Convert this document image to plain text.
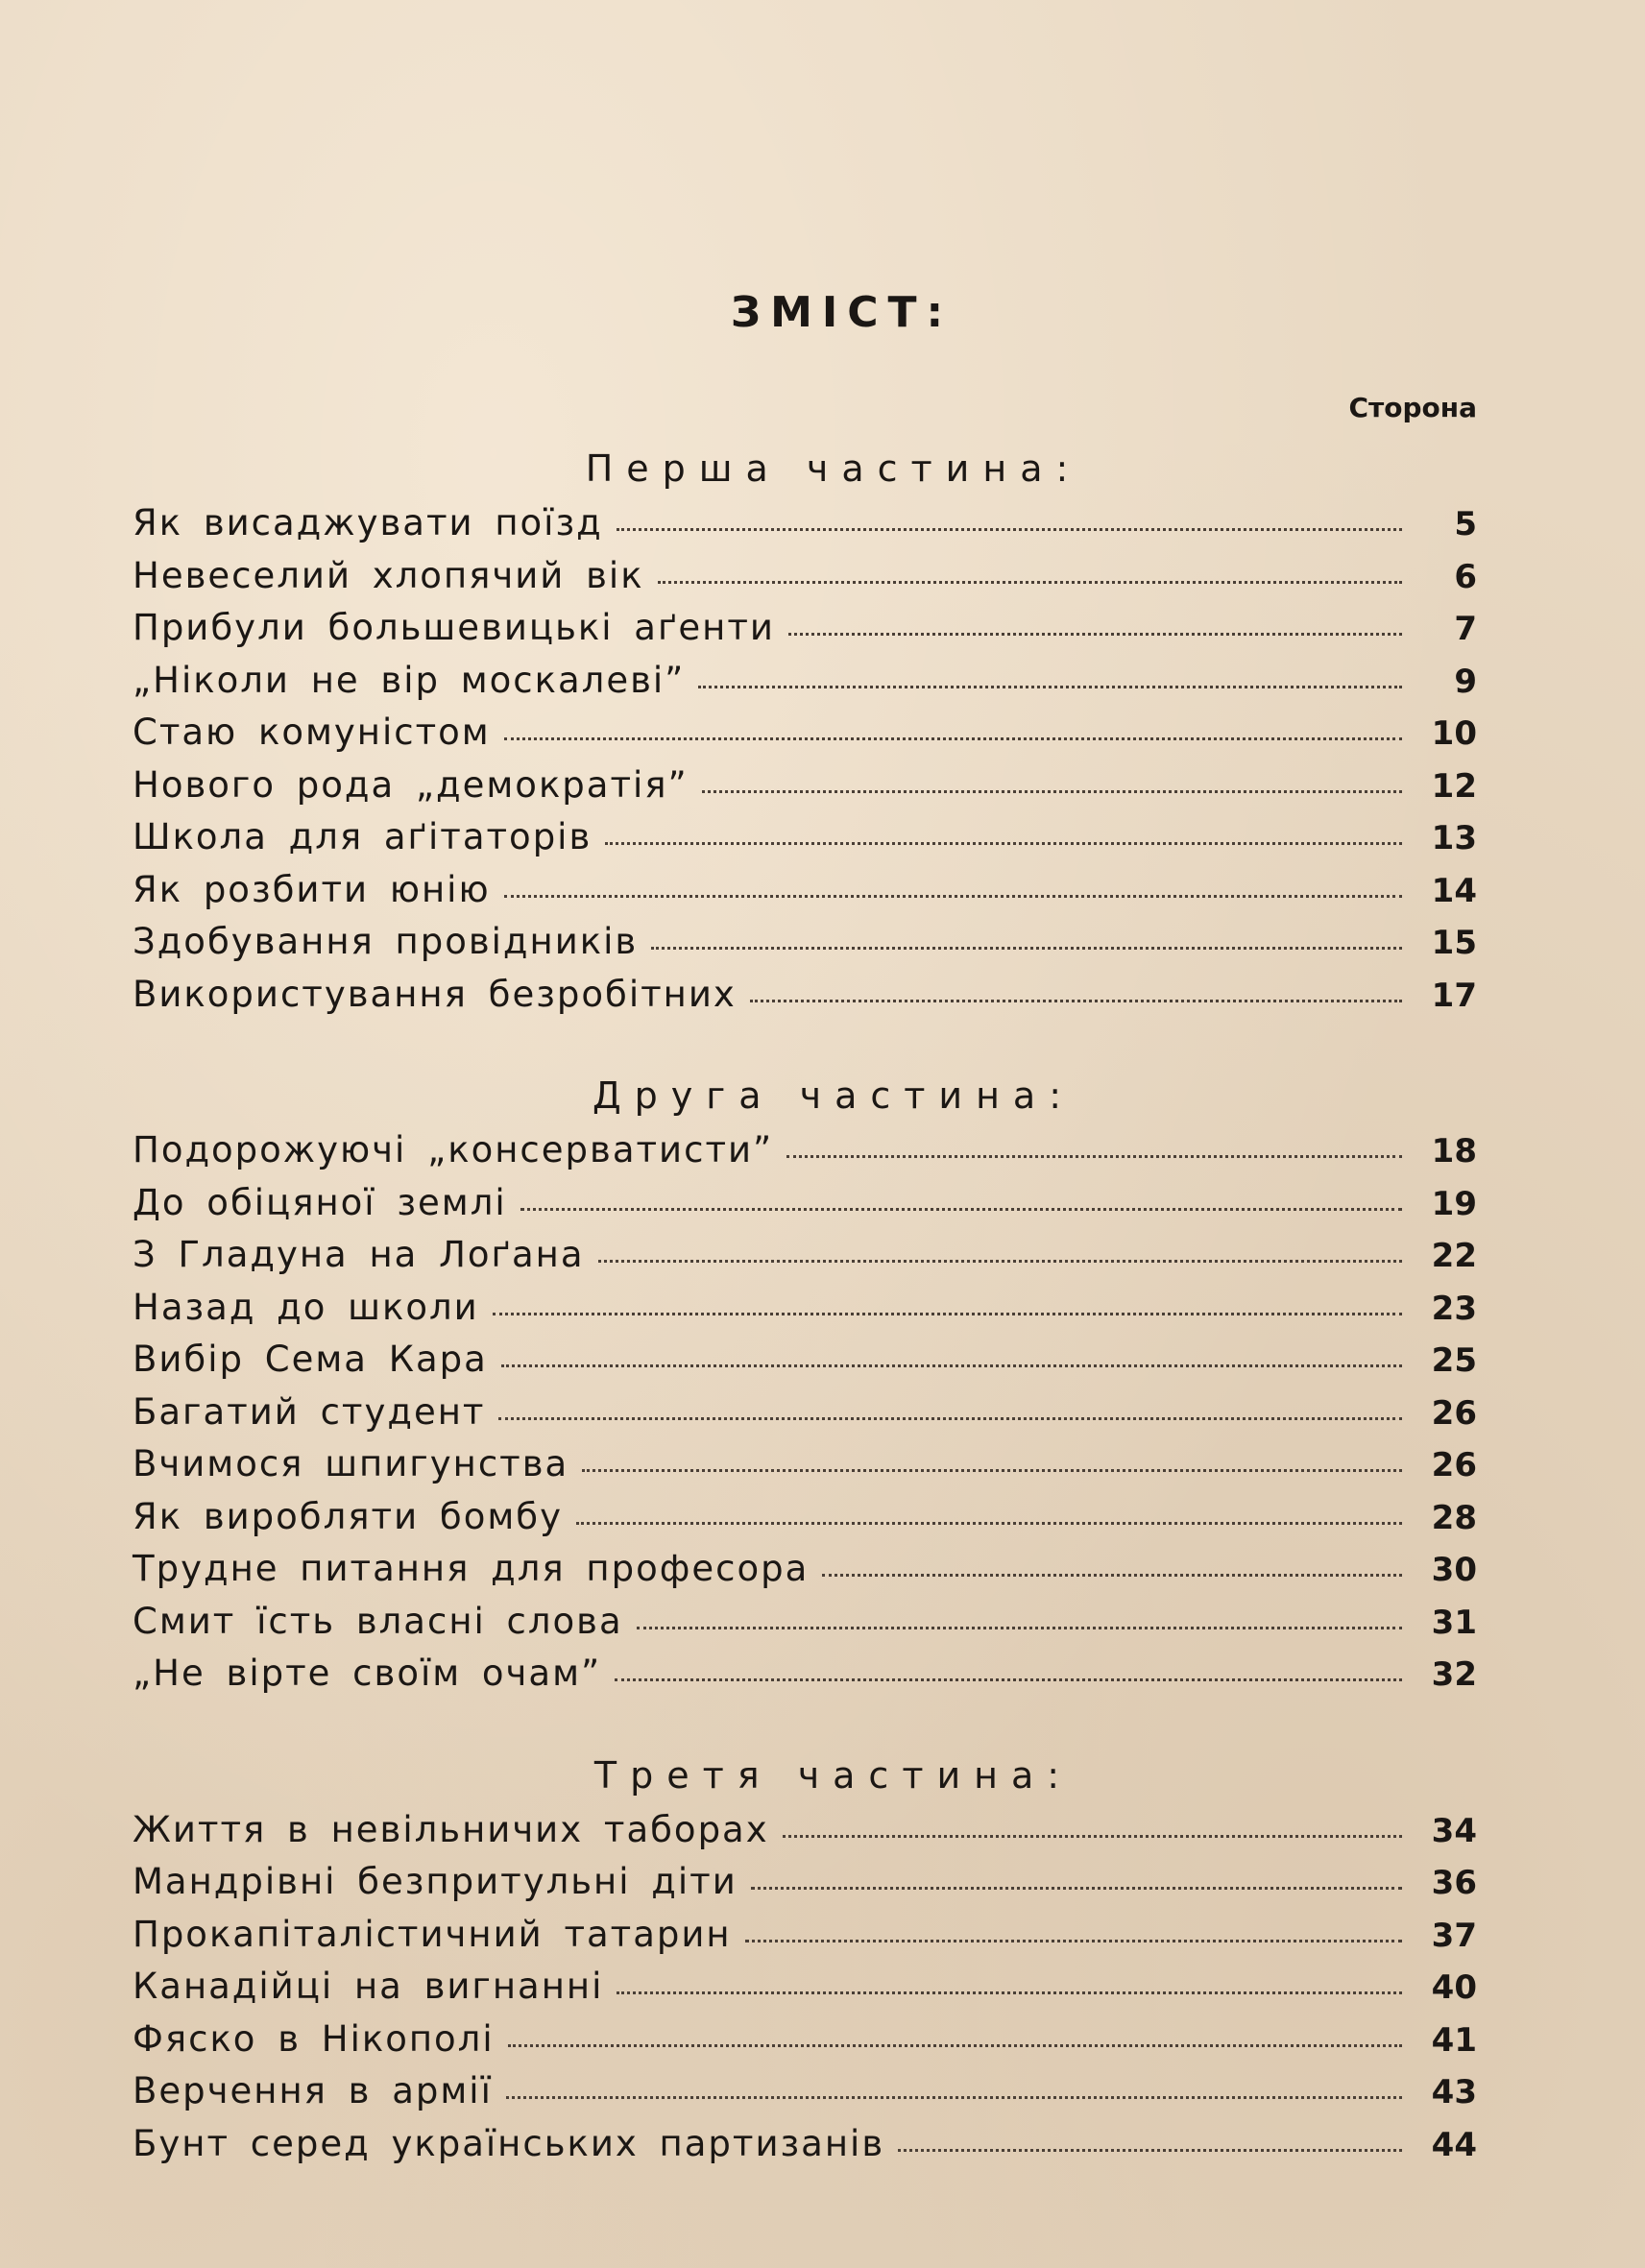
ЗМІСТ:
Сторона
Перша частина:
Як висаджувати поїзд	5
Невеселий хлопячий вік	6
Прибули большевицькі аґенти	7
„Ніколи не вір москалеві”	9
Стаю комуністом	10
Нового рода „демократія”	12
Школа для аґітаторів	13
Як розбити юнію	14
Здобування провідників	15
Використування безробітних	17
Друга частина:
Подорожуючі „консерватисти”	18
До обіцяної землі	19
З Гладуна на Лоґана	22
Назад до школи	23
Вибір Сема Кара	25
Багатий студент	26
Вчимося шпигунства	26
Як виробляти бомбу	28
Трудне питання для професора	30
Смит їсть власні слова	31
„Не вірте своїм очам”	32
Третя частина:
Життя в невільничих таборах	34
Мандрівні безпритульні діти	36
Прокапіталістичний татарин	37
Канадійці на вигнанні	40
Фяско в Нікополі	41
Верчення в армії	43
Бунт серед українських партизанів	44
